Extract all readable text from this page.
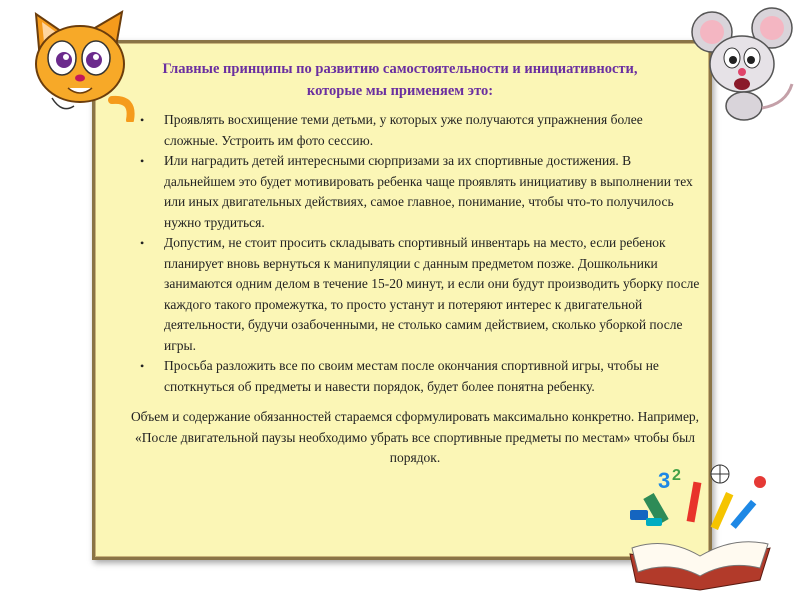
Главные принципы по развитию самостоятельности и инициативности, которые мы применяем это:
• Проявлять восхищение теми детьми, у которых уже получаются упражнения более сложные. Устроить им фото сессию.
• Или наградить детей интересными сюрпризами за их спортивные достижения. В дальнейшем это будет мотивировать ребенка чаще проявлять инициативу в выполнении тех или иных двигательных действиях, самое главное, понимание, чтобы что-то получилось нужно трудиться.
• Допустим, не стоит просить складывать спортивный инвентарь на место, если ребенок планирует вновь вернуться к манипуляции с данным предметом позже. Дошкольники занимаются одним делом в течение 15-20 минут, и если они будут производить уборку после каждого такого промежутка, то просто устанут и потеряют интерес к двигательной деятельности, будучи озабоченными, не столько самим действием, сколько уборкой после игры.
• Просьба разложить все по своим местам после окончания спортивной игры, чтобы не споткнуться об предметы и навести порядок, будет более понятна ребенку.
Объем и содержание обязанностей стараемся сформулировать максимально конкретно. Например, «После двигательной паузы необходимо убрать все спортивные предметы по местам» чтобы был порядок.
3 2
